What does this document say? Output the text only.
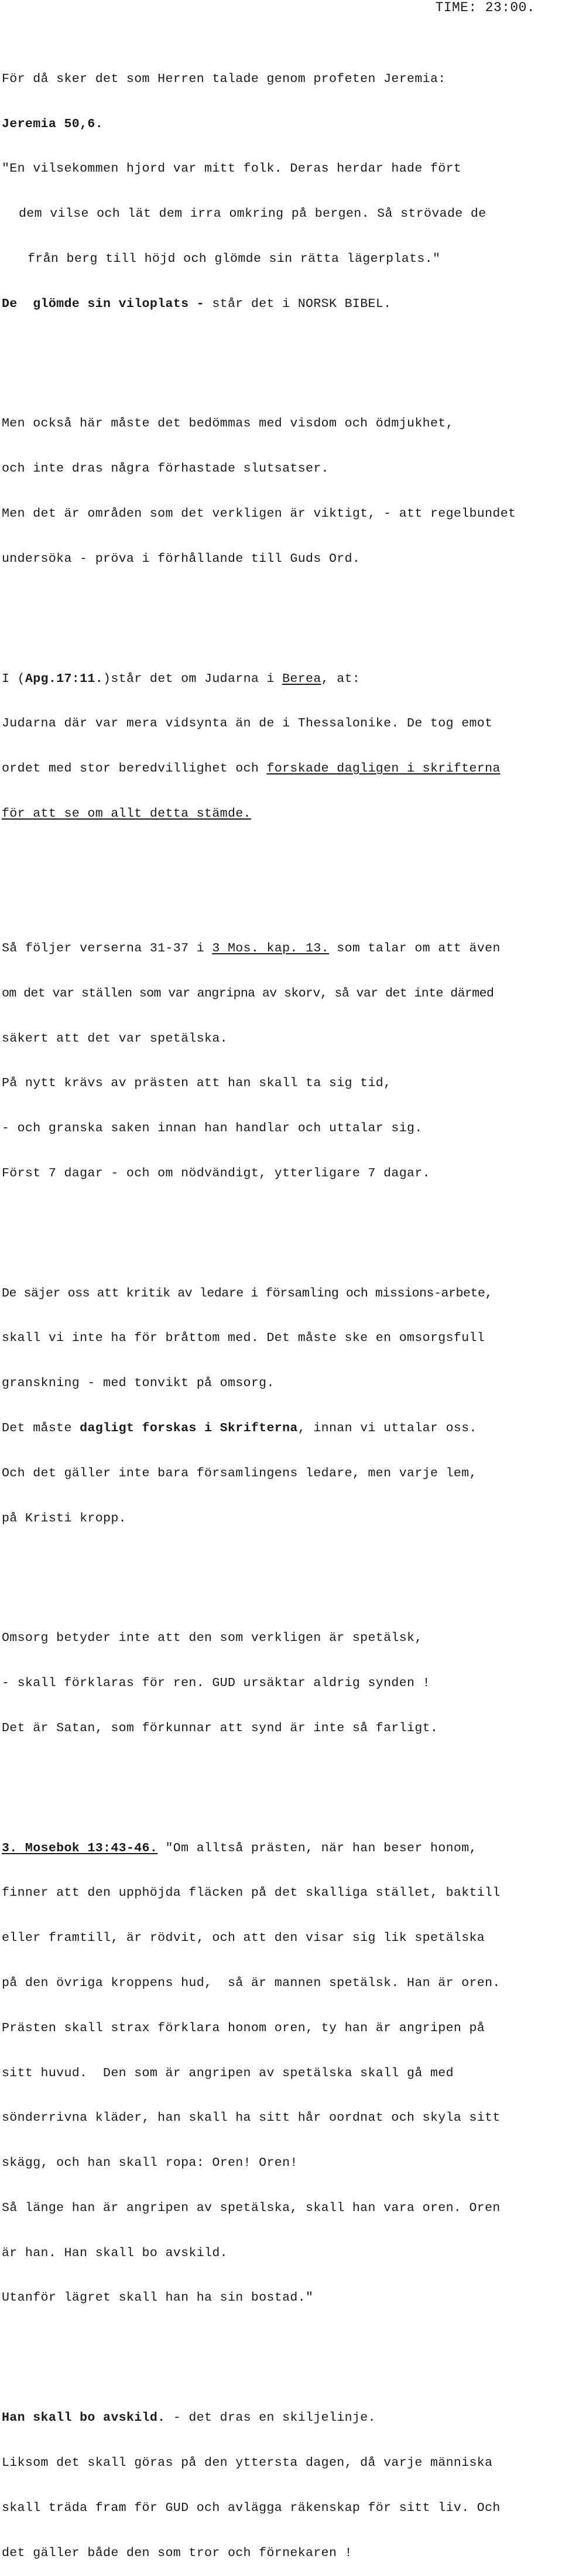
TIME: 23:00.

För då sker det som Herren talade genom profeten Jeremia:

Jeremia 50,6.

"En vilsekommen hjord var mitt folk. Deras herdar hade fört

dem vilse och lät dem irra omkring på bergen. Så strövade de

från berg till höjd och glömde sin rätta lägerplats."

De  glömde sin viloplats - står det i NORSK BIBEL.

Men också här måste det bedömmas med visdom och ödmjukhet,

och inte dras några förhastade slutsatser.

Men det är områden som det verkligen är viktigt, - att regelbundet

undersöka - pröva i förhållande till Guds Ord.

I (Apg.17:11.)står det om Judarna i Berea, at:

Judarna där var mera vidsynta än de i Thessalonike. De tog emot

ordet med stor beredvillighet och forskade dagligen i skrifterna

för att se om allt detta stämde.

Så följer verserna 31-37 i 3 Mos. kap. 13. som talar om att även

om det var ställen som var angripna av skorv, så var det inte därmed

säkert att det var spetälska.

På nytt krävs av prästen att han skall ta sig tid,

- och granska saken innan han handlar och uttalar sig.

Först 7 dagar - och om nödvändigt, ytterligare 7 dagar.

De säjer oss att kritik av ledare i församling och missions-arbete,

skall vi inte ha för bråttom med. Det måste ske en omsorgsfull

granskning - med tonvikt på omsorg.

Det måste dagligt forskas i Skrifterna, innan vi uttalar oss.

Och det gäller inte bara församlingens ledare, men varje lem,

på Kristi kropp.

Omsorg betyder inte att den som verkligen är spetälsk,

- skall förklaras för ren. GUD ursäktar aldrig synden !

Det är Satan, som förkunnar att synd är inte så farligt.

3. Mosebok 13:43-46. "Om alltså prästen, när han beser honom,

finner att den upphöjda fläcken på det skalliga stället, baktill

eller framtill, är rödvit, och att den visar sig lik spetälska

på den övriga kroppens hud,  så är mannen spetälsk. Han är oren.

Prästen skall strax förklara honom oren, ty han är angripen på

sitt huvud.  Den som är angripen av spetälska skall gå med

sönderrivna kläder, han skall ha sitt hår oordnat och skyla sitt

skägg, och han skall ropa: Oren! Oren!

Så länge han är angripen av spetälska, skall han vara oren. Oren

är han. Han skall bo avskild.

Utanför lägret skall han ha sin bostad."

Han skall bo avskild. - det dras en skiljelinje.

Liksom det skall göras på den yttersta dagen, då varje människa

skall träda fram för GUD och avlägga räkenskap för sitt liv. Och

det gäller både den som tror och förnekaren !
